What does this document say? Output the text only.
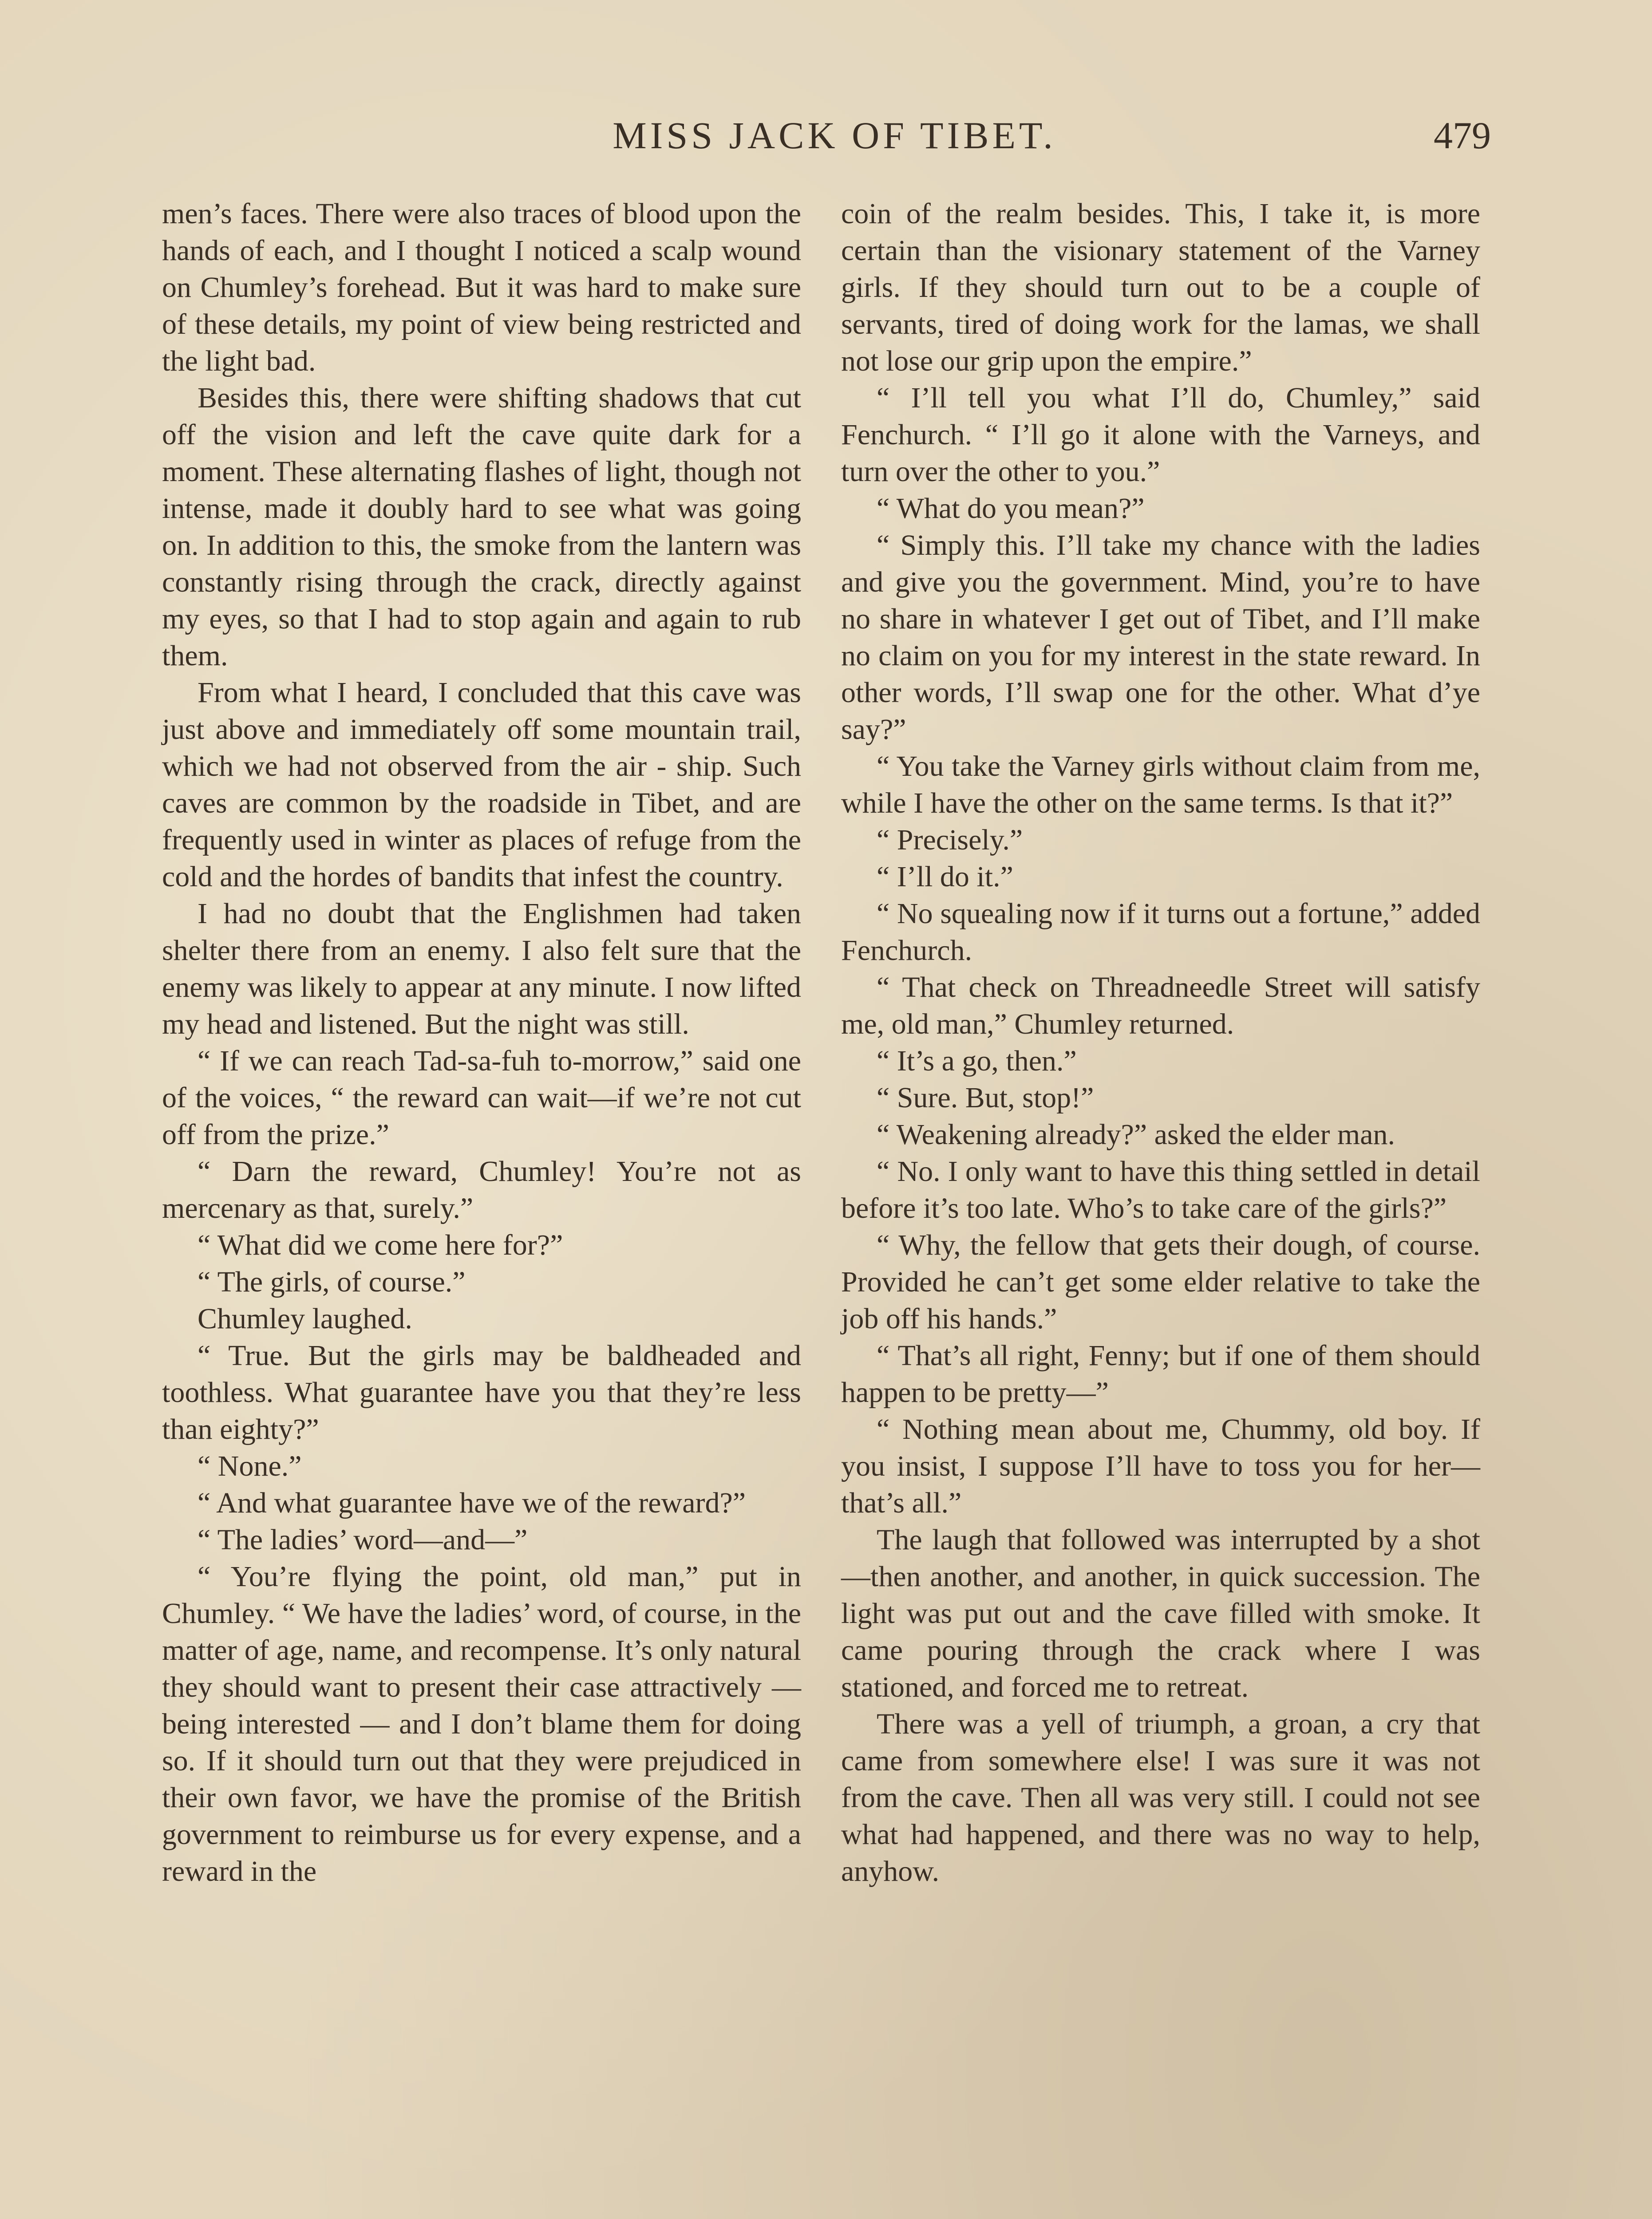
MISS JACK OF TIBET.	479

men’s faces. There were also traces of blood upon the hands of each, and I thought I noticed a scalp wound on Chumley’s forehead. But it was hard to make sure of these details, my point of view being restricted and the light bad.

Besides this, there were shifting shadows that cut off the vision and left the cave quite dark for a moment. These alternating flashes of light, though not intense, made it doubly hard to see what was going on. In addition to this, the smoke from the lantern was constantly rising through the crack, directly against my eyes, so that I had to stop again and again to rub them.

From what I heard, I concluded that this cave was just above and immediately off some mountain trail, which we had not observed from the air - ship. Such caves are common by the roadside in Tibet, and are frequently used in winter as places of refuge from the cold and the hordes of bandits that infest the country.

I had no doubt that the Englishmen had taken shelter there from an enemy. I also felt sure that the enemy was likely to appear at any minute. I now lifted my head and listened. But the night was still.

“ If we can reach Tad-sa-fuh to-morrow,” said one of the voices, “ the reward can wait—if we’re not cut off from the prize.”

“ Darn the reward, Chumley! You’re not as mercenary as that, surely.”

“ What did we come here for?”

“ The girls, of course.”

Chumley laughed.

“ True. But the girls may be baldheaded and toothless. What guarantee have you that they’re less than eighty?”

“ None.”

“ And what guarantee have we of the reward?”

“ The ladies’ word—and—”

“ You’re flying the point, old man,” put in Chumley. “ We have the ladies’ word, of course, in the matter of age, name, and recompense. It’s only natural they should want to present their case attractively — being interested — and I don’t blame them for doing so. If it should turn out that they were prejudiced in their own favor, we have the promise of the British government to reimburse us for every expense, and a reward in the

coin of the realm besides. This, I take it, is more certain than the visionary statement of the Varney girls. If they should turn out to be a couple of servants, tired of doing work for the lamas, we shall not lose our grip upon the empire.”

“ I’ll tell you what I’ll do, Chumley,” said Fenchurch. “ I’ll go it alone with the Varneys, and turn over the other to you.”

“ What do you mean?”

“ Simply this. I’ll take my chance with the ladies and give you the government. Mind, you’re to have no share in whatever I get out of Tibet, and I’ll make no claim on you for my interest in the state reward. In other words, I’ll swap one for the other. What d’ye say?”

“ You take the Varney girls without claim from me, while I have the other on the same terms. Is that it?”

“ Precisely.”

“ I’ll do it.”

“ No squealing now if it turns out a fortune,” added Fenchurch.

“ That check on Threadneedle Street will satisfy me, old man,” Chumley returned.

“ It’s a go, then.”

“ Sure. But, stop!”

“ Weakening already?” asked the elder man.

“ No. I only want to have this thing settled in detail before it’s too late. Who’s to take care of the girls?”

“ Why, the fellow that gets their dough, of course. Provided he can’t get some elder relative to take the job off his hands.”

“ That’s all right, Fenny; but if one of them should happen to be pretty—”

“ Nothing mean about me, Chummy, old boy. If you insist, I suppose I’ll have to toss you for her—that’s all.”

The laugh that followed was interrupted by a shot—then another, and another, in quick succession. The light was put out and the cave filled with smoke. It came pouring through the crack where I was stationed, and forced me to retreat.

There was a yell of triumph, a groan, a cry that came from somewhere else! I was sure it was not from the cave. Then all was very still. I could not see what had happened, and there was no way to help, anyhow.
